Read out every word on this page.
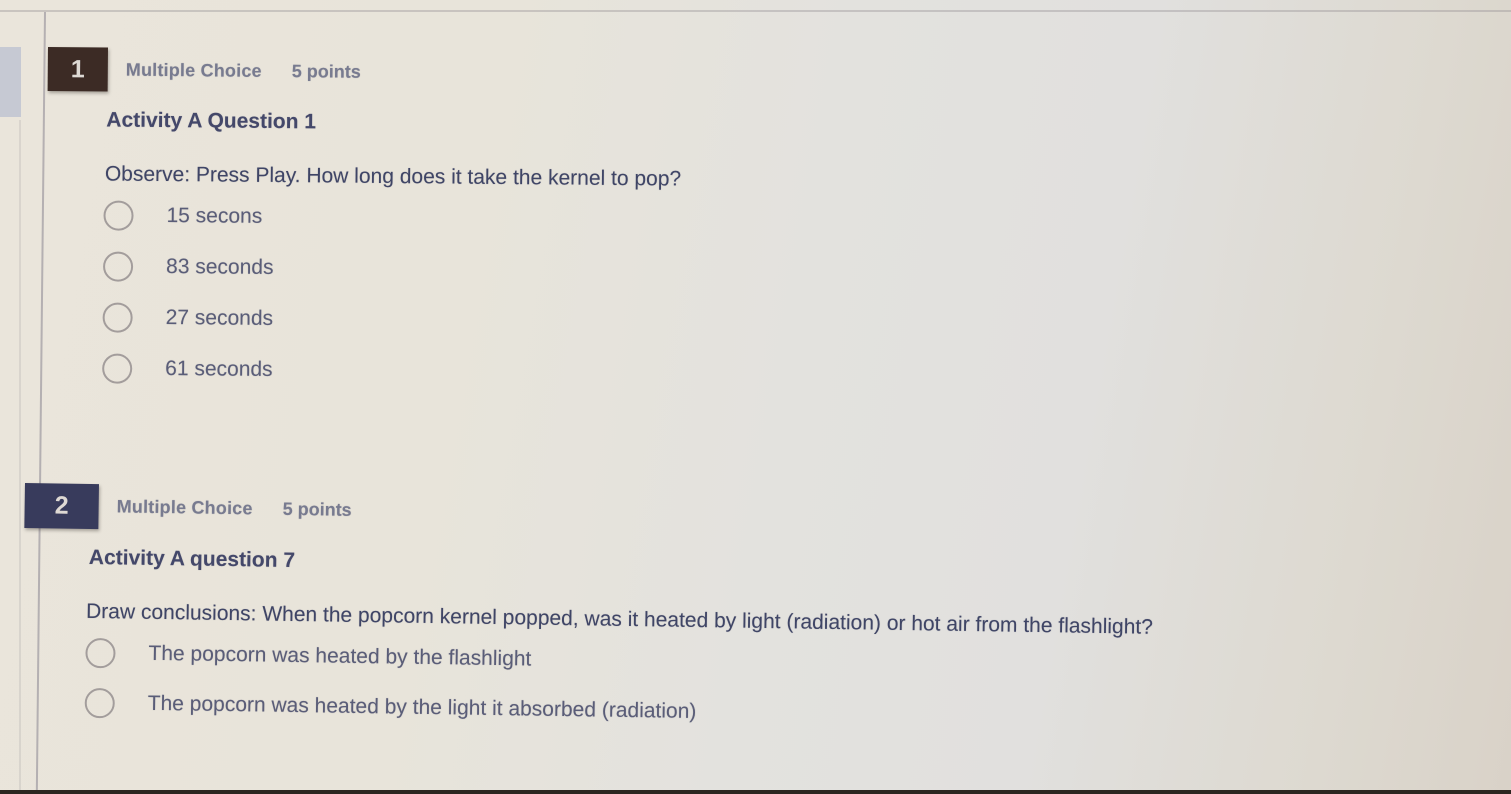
1	Multiple Choice 5 points
Activity A Question 1
Observe: Press Play. How long does it take the kernel to pop?
15 secons
83 seconds
27 seconds
61 seconds
2	Multiple Choice 5 points
Activity A question 7
Draw conclusions: When the popcorn kernel popped, was it heated by light (radiation) or hot air from the flashlight?
The popcorn was heated by the flashlight
The popcorn was heated by the light it absorbed (radiation)
